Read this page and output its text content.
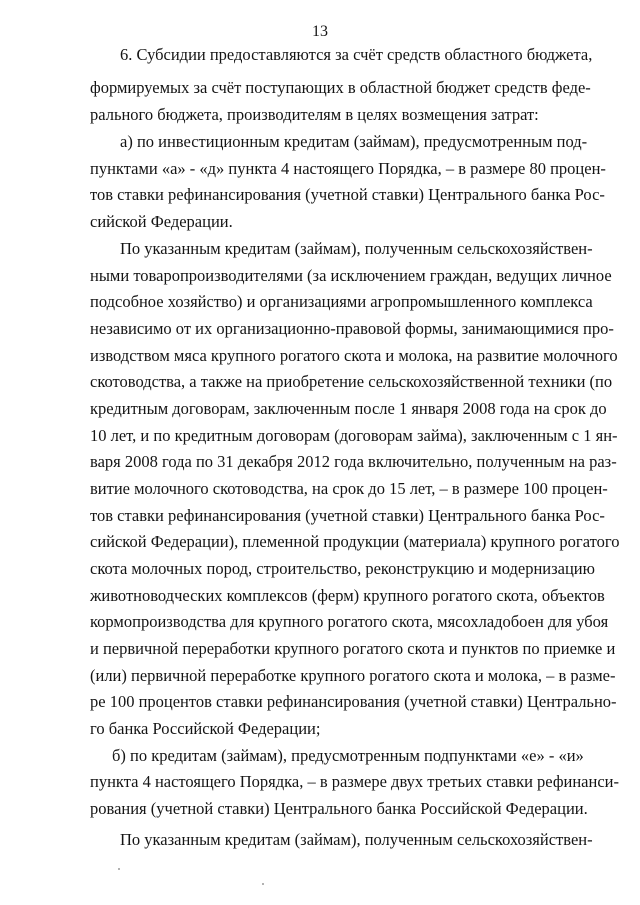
13
6. Субсидии предоставляются за счёт средств областного бюджета,
формируемых за счёт поступающих в областной бюджет средств феде-
рального бюджета, производителям в целях возмещения затрат:
а) по инвестиционным кредитам (займам), предусмотренным под-
пунктами «а» - «д» пункта 4 настоящего Порядка, – в размере 80 процен-
тов ставки рефинансирования (учетной ставки) Центрального банка Рос-
сийской Федерации.
По указанным кредитам (займам), полученным сельскохозяйствен-
ными товаропроизводителями (за исключением граждан, ведущих личное
подсобное хозяйство) и организациями агропромышленного комплекса
независимо от их организационно-правовой формы, занимающимися про-
изводством мяса крупного рогатого скота и молока, на развитие молочного
скотоводства, а также на приобретение сельскохозяйственной техники (по
кредитным договорам, заключенным после 1 января 2008 года на срок до
10 лет, и по кредитным договорам (договорам займа), заключенным с 1 ян-
варя 2008 года по 31 декабря 2012 года включительно, полученным на раз-
витие молочного скотоводства, на срок до 15 лет, – в размере 100 процен-
тов ставки рефинансирования (учетной ставки) Центрального банка Рос-
сийской Федерации), племенной продукции (материала) крупного рогатого
скота молочных пород, строительство, реконструкцию и модернизацию
животноводческих комплексов (ферм) крупного рогатого скота, объектов
кормопроизводства для крупного рогатого скота, мясохладобоен для убоя
и первичной переработки крупного рогатого скота и пунктов по приемке и
(или) первичной переработке крупного рогатого скота и молока, – в разме-
ре 100 процентов ставки рефинансирования (учетной ставки) Центрально-
го банка Российской Федерации;
б) по кредитам (займам), предусмотренным подпунктами «е» - «и»
пункта 4 настоящего Порядка, – в размере двух третьих ставки рефинанси-
рования (учетной ставки) Центрального банка Российской Федерации.
По указанным кредитам (займам), полученным сельскохозяйствен-
